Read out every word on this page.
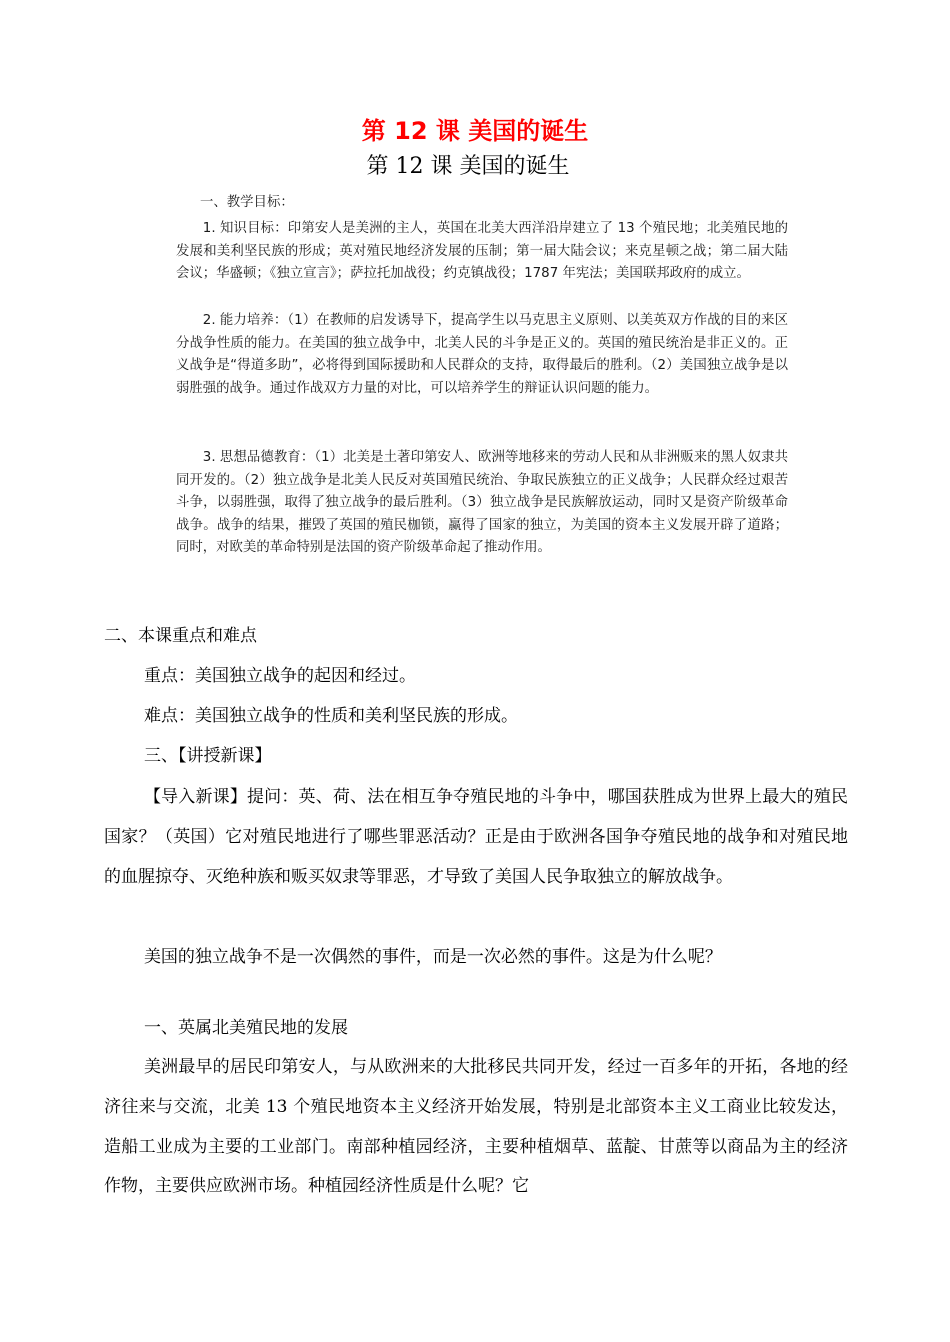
第 12 课 美国的诞生
第 12 课 美国的诞生
一、教学目标：

1. 知识目标：印第安人是美洲的主人，英国在北美大西洋沿岸建立了 13 个殖民地；北美殖民地的发展和美利坚民族的形成；英对殖民地经济发展的压制；第一届大陆会议；来克星顿之战；第二届大陆会议；华盛顿；《独立宣言》；萨拉托加战役；约克镇战役；1787 年宪法；美国联邦政府的成立。

2. 能力培养：（1）在教师的启发诱导下，提高学生以马克思主义原则、以美英双方作战的目的来区分战争性质的能力。在美国的独立战争中，北美人民的斗争是正义的。英国的殖民统治是非正义的。正义战争是“得道多助”，必将得到国际援助和人民群众的支持，取得最后的胜利。（2）美国独立战争是以弱胜强的战争。通过作战双方力量的对比，可以培养学生的辩证认识问题的能力。

3. 思想品德教育：（1）北美是土著印第安人、欧洲等地移来的劳动人民和从非洲贩来的黑人奴隶共同开发的。（2）独立战争是北美人民反对英国殖民统治、争取民族独立的正义战争；人民群众经过艰苦斗争，以弱胜强，取得了独立战争的最后胜利。（3）独立战争是民族解放运动，同时又是资产阶级革命战争。战争的结果，摧毁了英国的殖民枷锁，赢得了国家的独立，为美国的资本主义发展开辟了道路；同时，对欧美的革命特别是法国的资产阶级革命起了推动作用。

二、本课重点和难点
重点：美国独立战争的起因和经过。
难点：美国独立战争的性质和美利坚民族的形成。
三、【讲授新课】

【导入新课】提问：英、荷、法在相互争夺殖民地的斗争中，哪国获胜成为世界上最大的殖民国家？（英国）它对殖民地进行了哪些罪恶活动？正是由于欧洲各国争夺殖民地的战争和对殖民地的血腥掠夺、灭绝种族和贩买奴隶等罪恶，才导致了美国人民争取独立的解放战争。

美国的独立战争不是一次偶然的事件，而是一次必然的事件。这是为什么呢？

一、英属北美殖民地的发展

美洲最早的居民印第安人，与从欧洲来的大批移民共同开发，经过一百多年的开拓，各地的经济往来与交流，北美 13 个殖民地资本主义经济开始发展，特别是北部资本主义工商业比较发达，造船工业成为主要的工业部门。南部种植园经济，主要种植烟草、蓝靛、甘蔗等以商品为主的经济作物，主要供应欧洲市场。种植园经济性质是什么呢？它
